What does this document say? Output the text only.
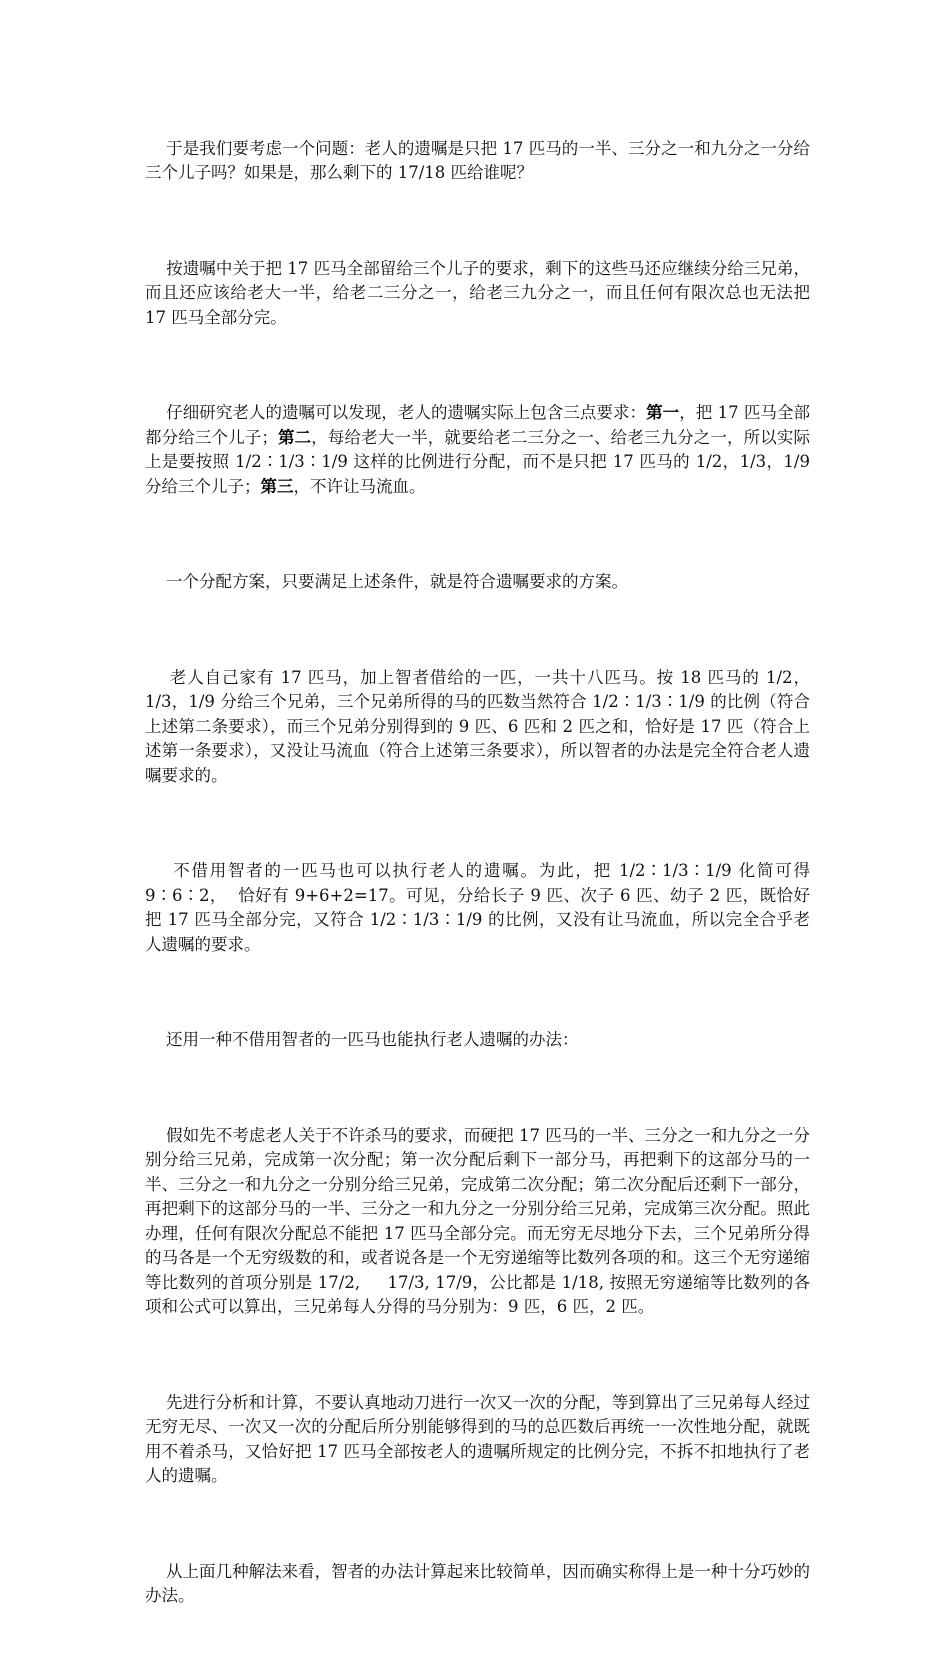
于是我们要考虑一个问题：老人的遗嘱是只把 17 匹马的一半、三分之一和九分之一分给三个儿子吗？如果是，那么剩下的 17/18 匹给谁呢？

按遗嘱中关于把 17 匹马全部留给三个儿子的要求，剩下的这些马还应继续分给三兄弟，而且还应该给老大一半，给老二三分之一，给老三九分之一，而且任何有限次总也无法把 17 匹马全部分完。

仔细研究老人的遗嘱可以发现，老人的遗嘱实际上包含三点要求：第一，把 17 匹马全部都分给三个儿子；第二，每给老大一半，就要给老二三分之一、给老三九分之一，所以实际上是要按照 1/2∶1/3∶1/9 这样的比例进行分配，而不是只把 17 匹马的 1/2，1/3，1/9 分给三个儿子；第三，不许让马流血。

一个分配方案，只要满足上述条件，就是符合遗嘱要求的方案。

老人自己家有 17 匹马，加上智者借给的一匹，一共十八匹马。按 18 匹马的 1/2， 1/3，1/9 分给三个兄弟，三个兄弟所得的马的匹数当然符合 1/2∶1/3∶1/9 的比例（符合上述第二条要求），而三个兄弟分别得到的 9 匹、6 匹和 2 匹之和，恰好是 17 匹（符合上述第一条要求），又没让马流血（符合上述第三条要求），所以智者的办法是完全符合老人遗嘱要求的。

不借用智者的一匹马也可以执行老人的遗嘱。为此，把 1/2∶1/3∶1/9 化简可得    9∶6∶2，  恰好有 9+6+2=17。可见，分给长子 9 匹、次子 6 匹、幼子 2 匹，既恰好把 17 匹马全部分完，又符合 1/2∶1/3∶1/9 的比例，又没有让马流血，所以完全合乎老人遗嘱的要求。

还用一种不借用智者的一匹马也能执行老人遗嘱的办法：

假如先不考虑老人关于不许杀马的要求，而硬把 17 匹马的一半、三分之一和九分之一分别分给三兄弟，完成第一次分配；第一次分配后剩下一部分马，再把剩下的这部分马的一半、三分之一和九分之一分别分给三兄弟，完成第二次分配；第二次分配后还剩下一部分，再把剩下的这部分马的一半、三分之一和九分之一分别分给三兄弟，完成第三次分配。照此办理，任何有限次分配总不能把 17 匹马全部分完。而无穷无尽地分下去，三个兄弟所分得的马各是一个无穷级数的和，或者说各是一个无穷递缩等比数列各项的和。这三个无穷递缩等比数列的首项分别是 17/2,     17/3, 17/9，公比都是 1/18, 按照无穷递缩等比数列的各项和公式可以算出，三兄弟每人分得的马分别为：9 匹，6 匹，2 匹。

先进行分析和计算，不要认真地动刀进行一次又一次的分配，等到算出了三兄弟每人经过无穷无尽、一次又一次的分配后所分别能够得到的马的总匹数后再统一一次性地分配，就既用不着杀马，又恰好把 17 匹马全部按老人的遗嘱所规定的比例分完，不拆不扣地执行了老人的遗嘱。

从上面几种解法来看，智者的办法计算起来比较简单，因而确实称得上是一种十分巧妙的办法。
